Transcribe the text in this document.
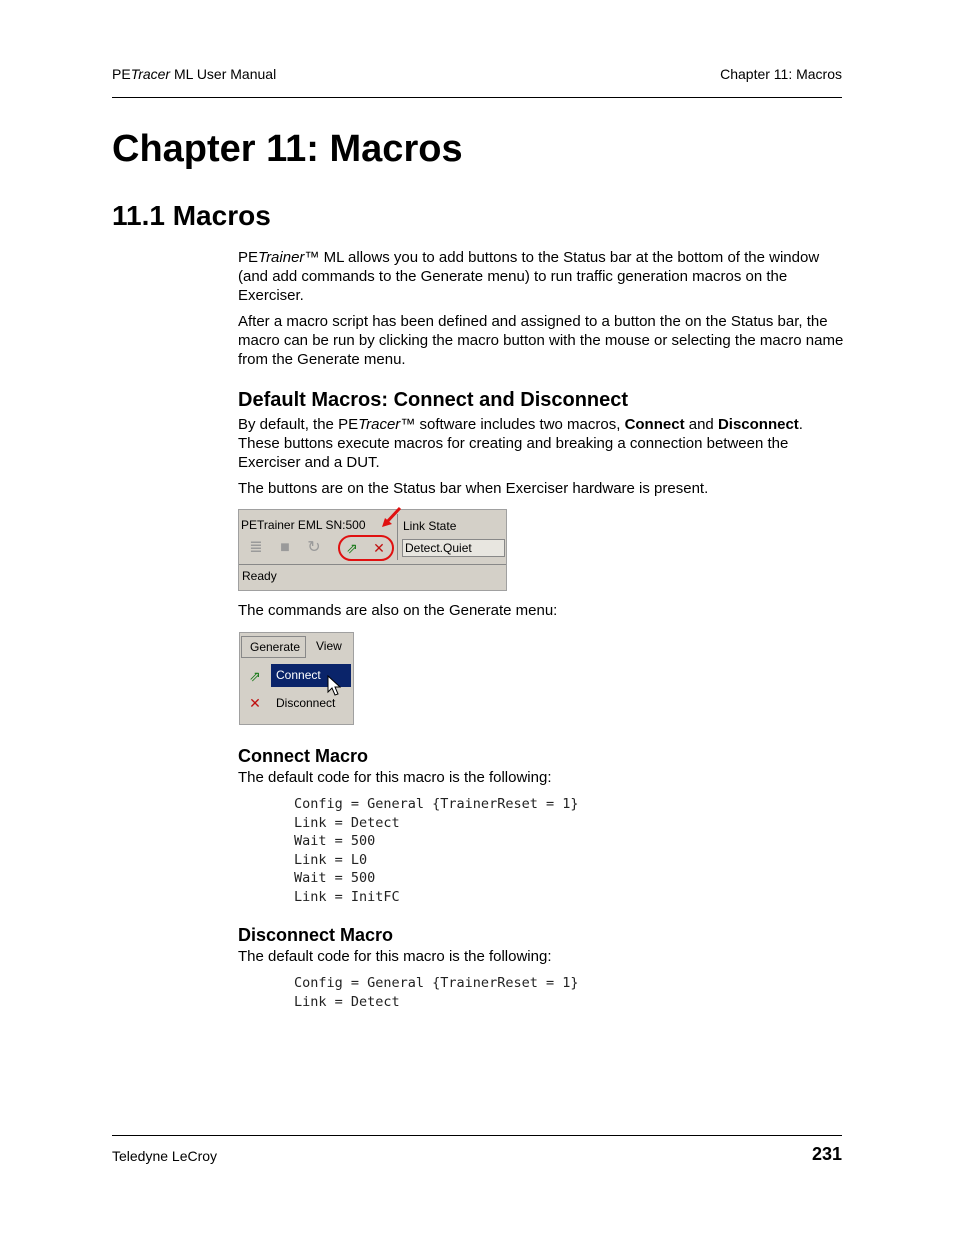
PETracer ML User Manual	Chapter 11: Macros
Chapter 11: Macros
11.1 Macros

PETrainer™ ML allows you to add buttons to the Status bar at the bottom of the window (and add commands to the Generate menu) to run traffic generation macros on the Exerciser.

After a macro script has been defined and assigned to a button the on the Status bar, the macro can be run by clicking the macro button with the mouse or selecting the macro name from the Generate menu.

Default Macros: Connect and Disconnect

By default, the PETracer™ software includes two macros, Connect and Disconnect. These buttons execute macros for creating and breaking a connection between the Exerciser and a DUT.

The buttons are on the Status bar when Exerciser hardware is present.
PETrainer EML SN:500	Link State
Detect.Quiet
≣ ■ ↻ ⇗ ✕
Ready
The commands are also on the Generate menu:
Generate	View
⇗	Connect
✕ Disconnect
Connect Macro
The default code for this macro is the following:
Config = General {TrainerReset = 1}
Link = Detect
Wait = 500
Link = L0
Wait = 500
Link = InitFC
Disconnect Macro
The default code for this macro is the following:
Config = General {TrainerReset = 1}
Link = Detect
Teledyne LeCroy	231
